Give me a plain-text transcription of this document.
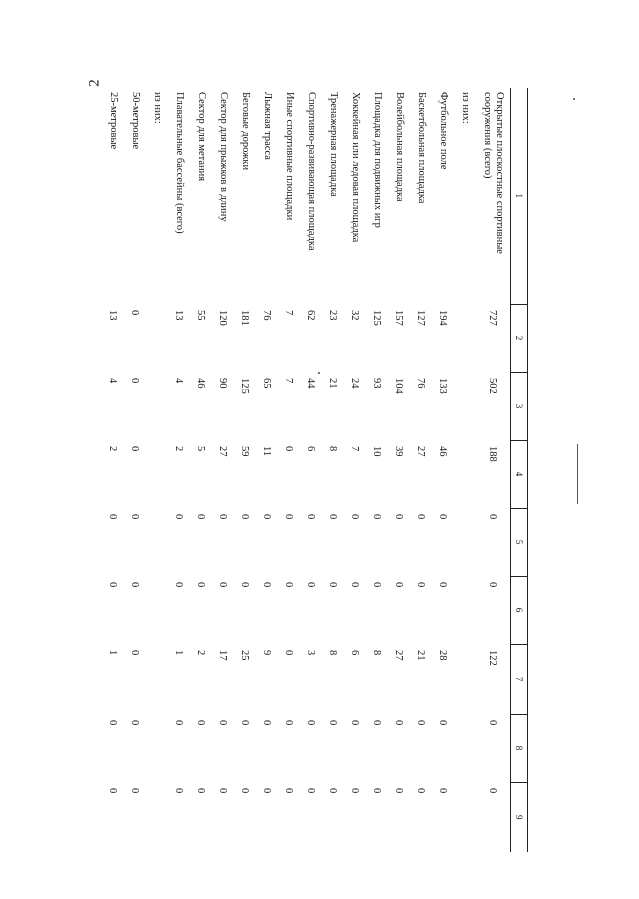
2
1	2	3	4	5	6	7	8	9
Открытые плоскостные спортивные сооружения (всего)	727	502	188	0	0	122	0	0
из них:								
Футбольное поле	194	133	46	0	0	28	0	0
Баскетбольная площадка	127	76	27	0	0	21	0	0
Волейбольная площадка	157	104	39	0	0	27	0	0
Площадка для подвижных игр	125	93	10	0	0	8	0	0
Хоккейная или ледовая площадка	32	24	7	0	0	6	0	0
Тренажерная площадка	23	21	8	0	0	8	0	0
Спортивно-развивающая площадка	62	44	6	0	0	3	0	0
Иные спортивные площадки	7	7	0	0	0	0	0	0
Лыжная трасса	76	65	11	0	0	9	0	0
Беговые дорожки	181	125	59	0	0	25	0	0
Сектор для прыжков в длину	120	90	27	0	0	17	0	0
Сектор для метания	55	46	5	0	0	2	0	0
Плавательные бассейны (всего)	13	4	2	0	0	1	0	0
из них:								
50-метровые	0	0	0	0	0	0	0	0
25-метровые	13	4	2	0	0	1	0	0
